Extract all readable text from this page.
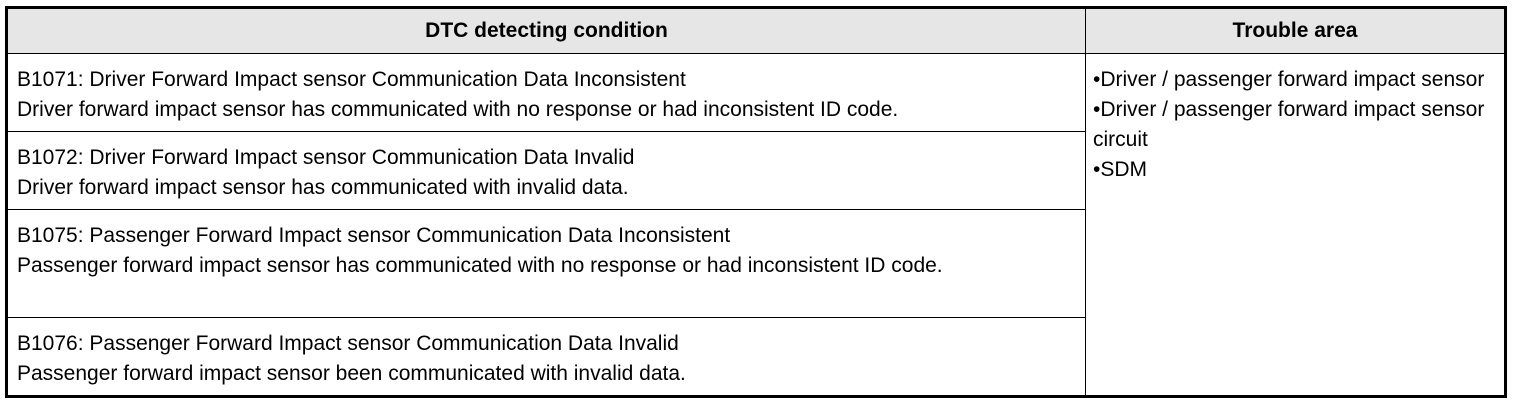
DTC detecting condition	Trouble area

B1071: Driver Forward Impact sensor Communication Data Inconsistent
Driver forward impact sensor has communicated with no response or had inconsistent ID code.	•Driver / passenger forward impact sensor
•Driver / passenger forward impact sensor circuit
•SDM

B1072: Driver Forward Impact sensor Communication Data Invalid
Driver forward impact sensor has communicated with invalid data.	

B1075: Passenger Forward Impact sensor Communication Data Inconsistent
Passenger forward impact sensor has communicated with no response or had inconsistent ID code.	

B1076: Passenger Forward Impact sensor Communication Data Invalid
Passenger forward impact sensor been communicated with invalid data.	
